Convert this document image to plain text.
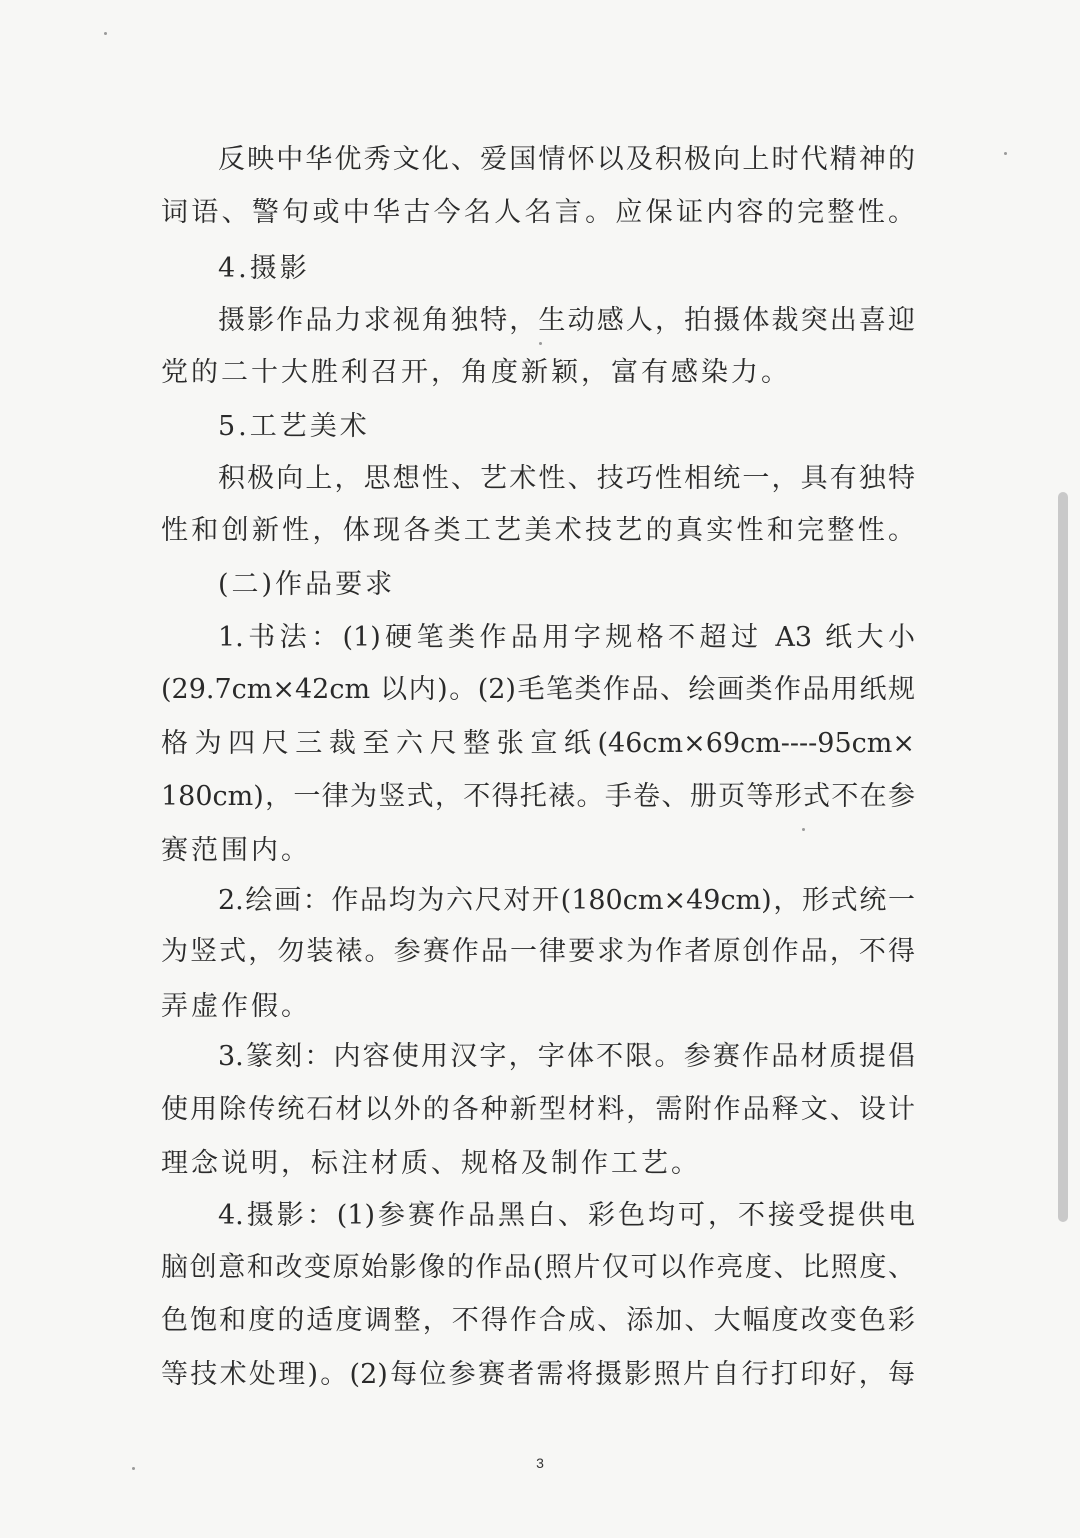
反映中华优秀文化、爱国情怀以及积极向上时代精神的
词语、警句或中华古今名人名言。应保证内容的完整性。
4.摄影
摄影作品力求视角独特，生动感人，拍摄体裁突出喜迎
党的二十大胜利召开，角度新颖，富有感染力。
5.工艺美术
积极向上，思想性、艺术性、技巧性相统一，具有独特
性和创新性，体现各类工艺美术技艺的真实性和完整性。
(二)作品要求
1.书法：(1)硬笔类作品用字规格不超过 A3 纸大小
(29.7cm×42cm 以内)。(2)毛笔类作品、绘画类作品用纸规
格为四尺三裁至六尺整张宣纸(46cm×69cm----95cm×
180cm)，一律为竖式，不得托裱。手卷、册页等形式不在参
赛范围内。
2.绘画：作品均为六尺对开(180cm×49cm)，形式统一
为竖式，勿装裱。参赛作品一律要求为作者原创作品，不得
弄虚作假。
3.篆刻：内容使用汉字，字体不限。参赛作品材质提倡
使用除传统石材以外的各种新型材料，需附作品释文、设计
理念说明，标注材质、规格及制作工艺。
4.摄影：(1)参赛作品黑白、彩色均可，不接受提供电
脑创意和改变原始影像的作品(照片仅可以作亮度、比照度、
色饱和度的适度调整，不得作合成、添加、大幅度改变色彩
等技术处理)。(2)每位参赛者需将摄影照片自行打印好，每
3
